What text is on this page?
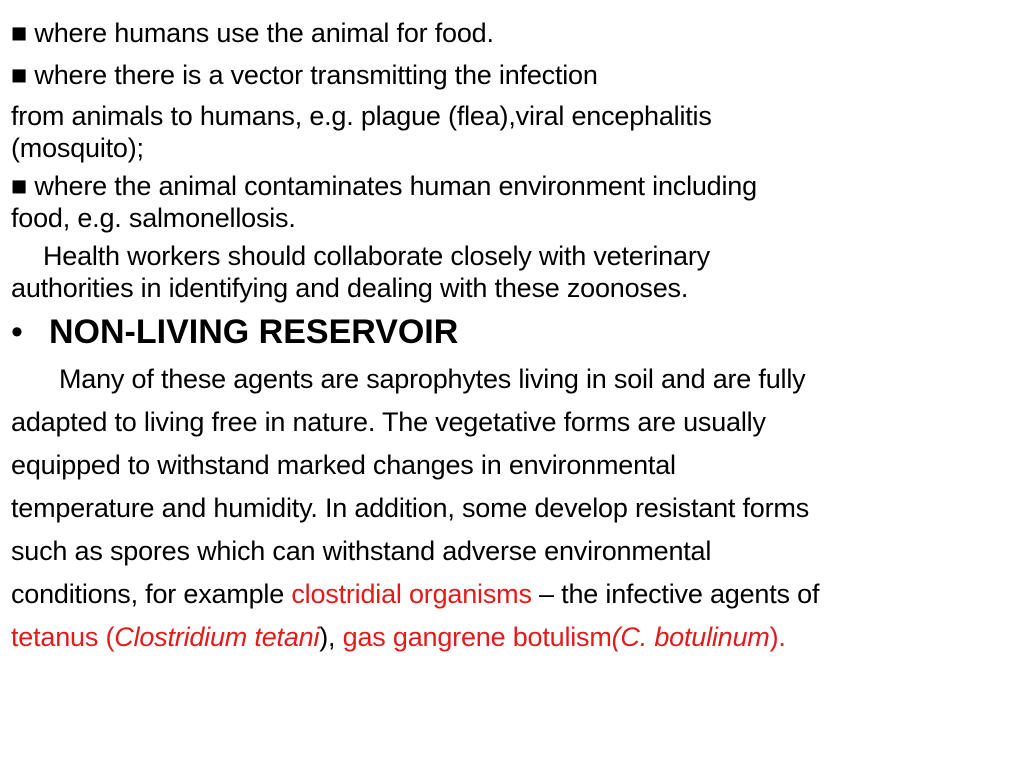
■ where humans use the animal for food.
■ where there is a vector transmitting the infection
from animals to humans, e.g. plague (flea),viral encephalitis
(mosquito);
■ where the animal contaminates human environment including
food, e.g. salmonellosis.
Health workers should collaborate closely with veterinary
authorities in identifying and dealing with these zoonoses.
• NON-LIVING RESERVOIR
Many of these agents are saprophytes living in soil and are fully
adapted to living free in nature. The vegetative forms are usually
equipped to withstand marked changes in environmental
temperature and humidity. In addition, some develop resistant forms
such as spores which can withstand adverse environmental
conditions, for example clostridial organisms – the infective agents of
tetanus (Clostridium tetani), gas gangrene botulism(C. botulinum).
